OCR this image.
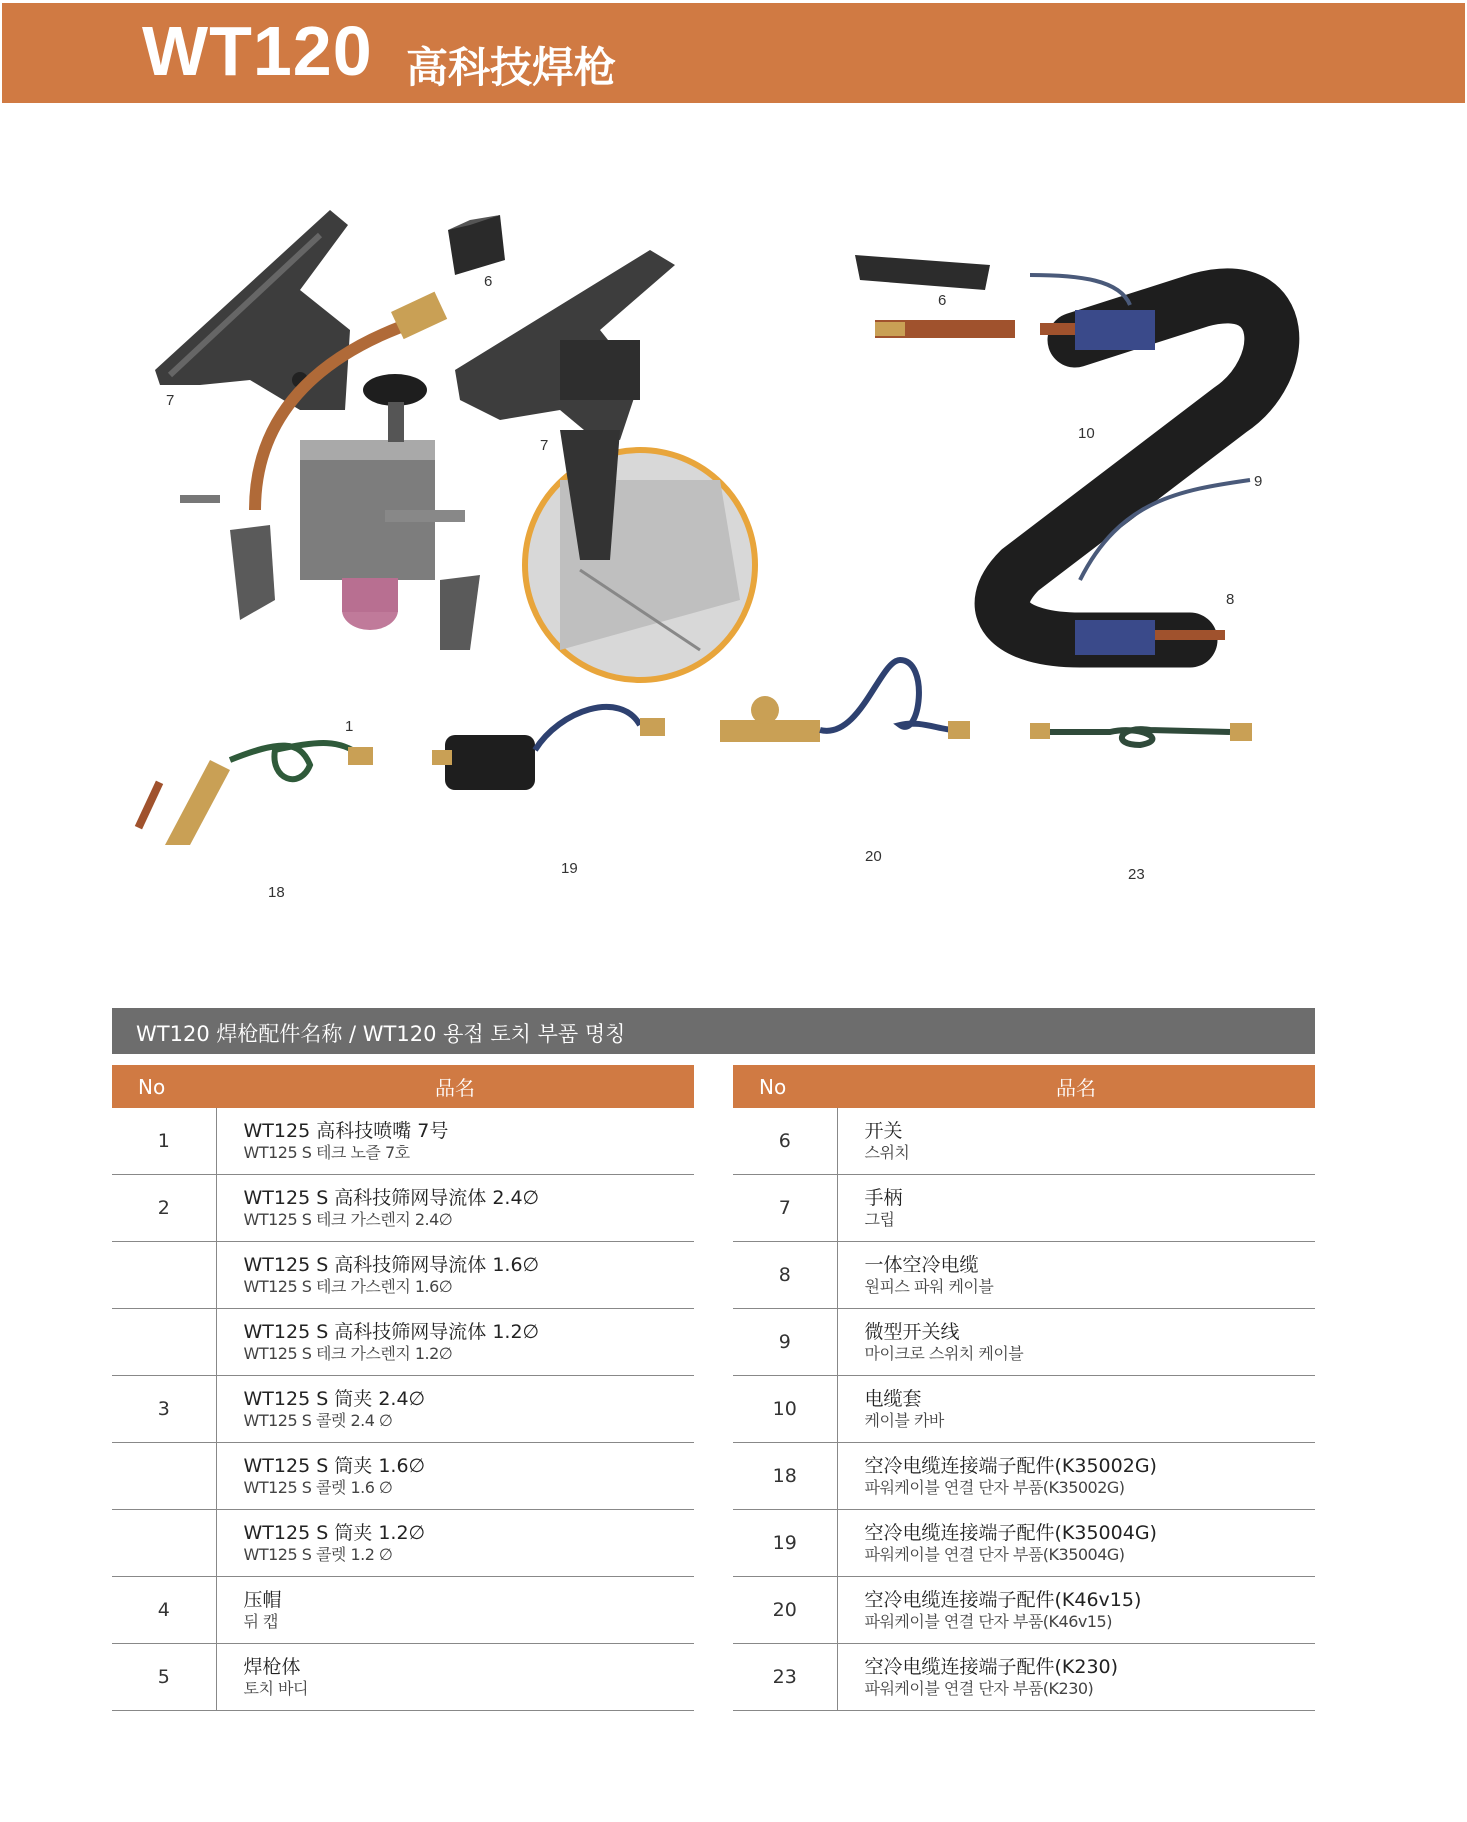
WT120 高科技焊枪
7
6
7
1
6
10
9
8
18
19
20
23
WT120 焊枪配件名称 / WT120 용접 토치 부품 명칭
No	品名
1	WT125 高科技喷嘴 7号
WT125 S 테크 노즐 7호

2	WT125 S 高科技筛网导流体 2.4∅
WT125 S 테크 가스렌지 2.4∅

	WT125 S 高科技筛网导流体 1.6∅
WT125 S 테크 가스렌지 1.6∅

	WT125 S 高科技筛网导流体 1.2∅
WT125 S 테크 가스렌지 1.2∅

3	WT125 S 筒夹 2.4∅
WT125 S 콜렛 2.4 ∅

	WT125 S 筒夹 1.6∅
WT125 S 콜렛 1.6 ∅

	WT125 S 筒夹 1.2∅
WT125 S 콜렛 1.2 ∅

4	压帽
뒤 캡

5	焊枪体
토치 바디
No	品名
6	开关
스위치

7	手柄
그립

8	一体空冷电缆
원피스 파워 케이블

9	微型开关线
마이크로 스위치 케이블

10	电缆套
케이블 카바

18	空冷电缆连接端子配件(K35002G)
파워케이블 연결 단자 부품(K35002G)

19	空冷电缆连接端子配件(K35004G)
파워케이블 연결 단자 부품(K35004G)

20	空冷电缆连接端子配件(K46v15)
파워케이블 연결 단자 부품(K46v15)

23	空冷电缆连接端子配件(K230)
파워케이블 연결 단자 부품(K230)
